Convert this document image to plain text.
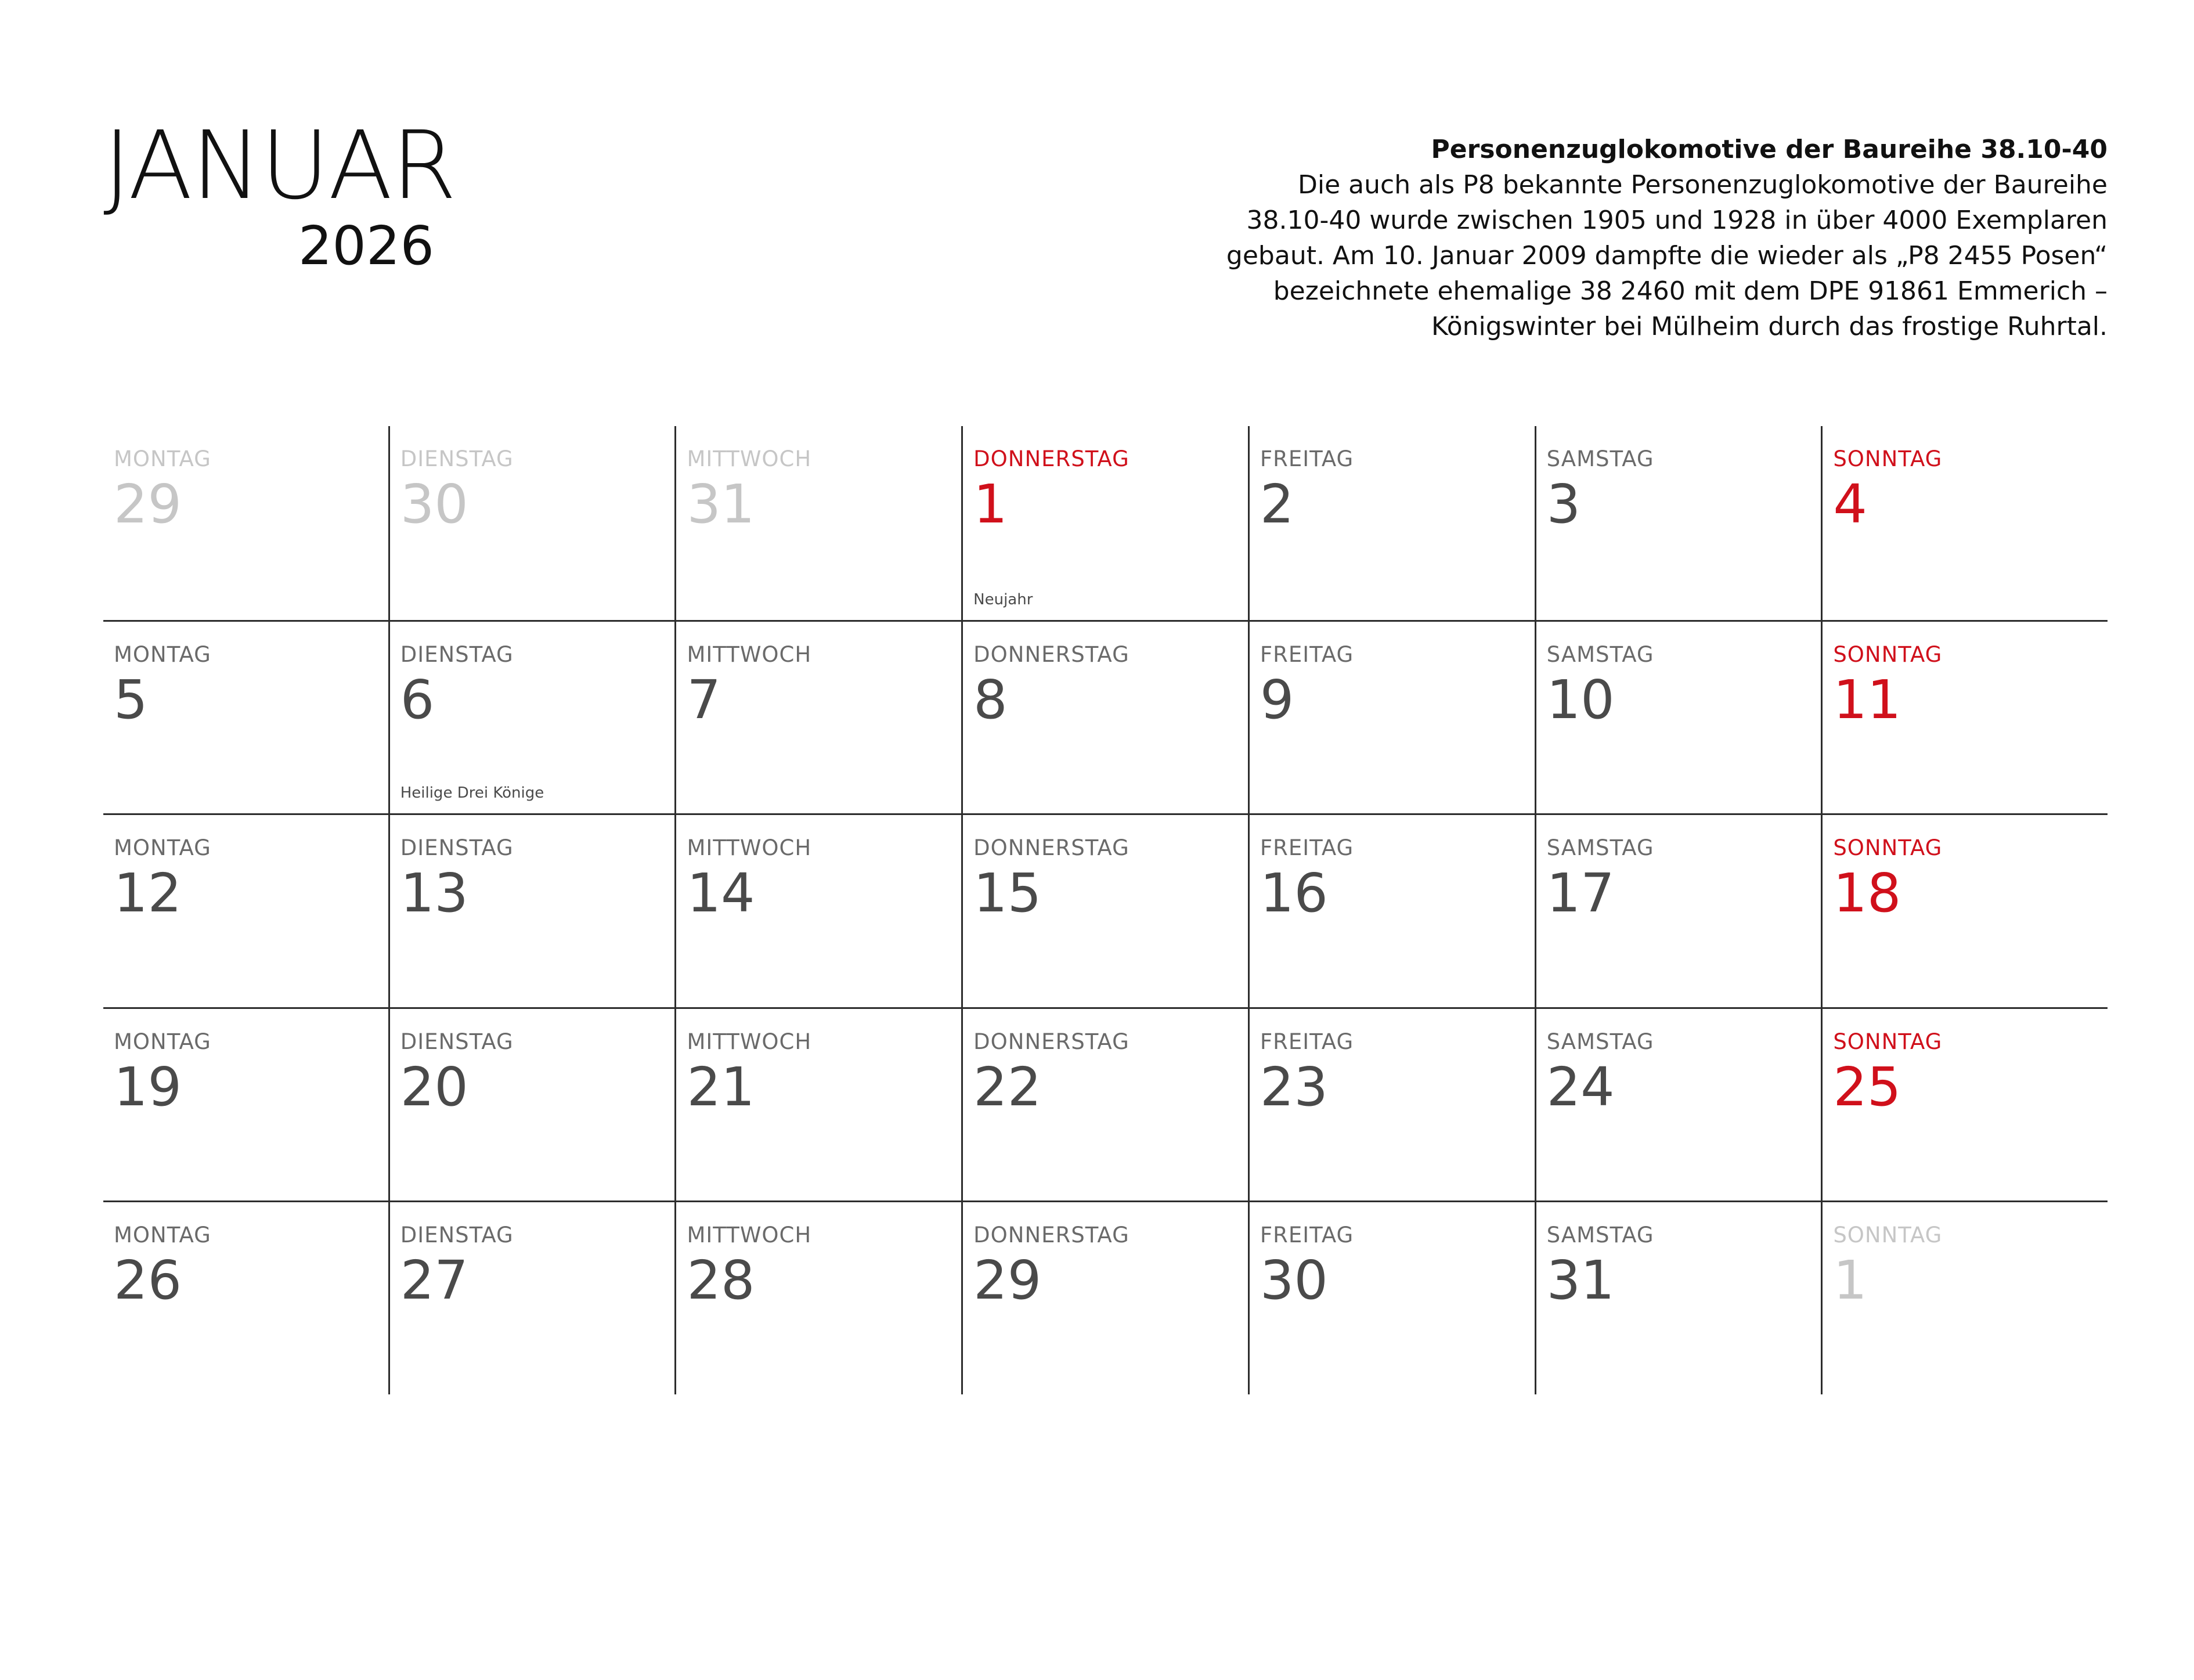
JANUAR
2026
Personenzuglokomotive der Baureihe 38.10-40
Die auch als P8 bekannte Personenzuglokomotive der Baureihe
38.10-40 wurde zwischen 1905 und 1928 in über 4000 Exemplaren
gebaut. Am 10. Januar 2009 dampfte die wieder als „P8 2455 Posen“
bezeichnete ehemalige 38 2460 mit dem DPE 91861 Emmerich –
Königswinter bei Mülheim durch das frostige Ruhrtal.
MONTAG
29
DIENSTAG
30
MITTWOCH
31
DONNERSTAG
1
Neujahr
FREITAG
2
SAMSTAG
3
SONNTAG
4
MONTAG
5
DIENSTAG
6
Heilige Drei Könige
MITTWOCH
7
DONNERSTAG
8
FREITAG
9
SAMSTAG
10
SONNTAG
11
MONTAG
12
DIENSTAG
13
MITTWOCH
14
DONNERSTAG
15
FREITAG
16
SAMSTAG
17
SONNTAG
18
MONTAG
19
DIENSTAG
20
MITTWOCH
21
DONNERSTAG
22
FREITAG
23
SAMSTAG
24
SONNTAG
25
MONTAG
26
DIENSTAG
27
MITTWOCH
28
DONNERSTAG
29
FREITAG
30
SAMSTAG
31
SONNTAG
1
